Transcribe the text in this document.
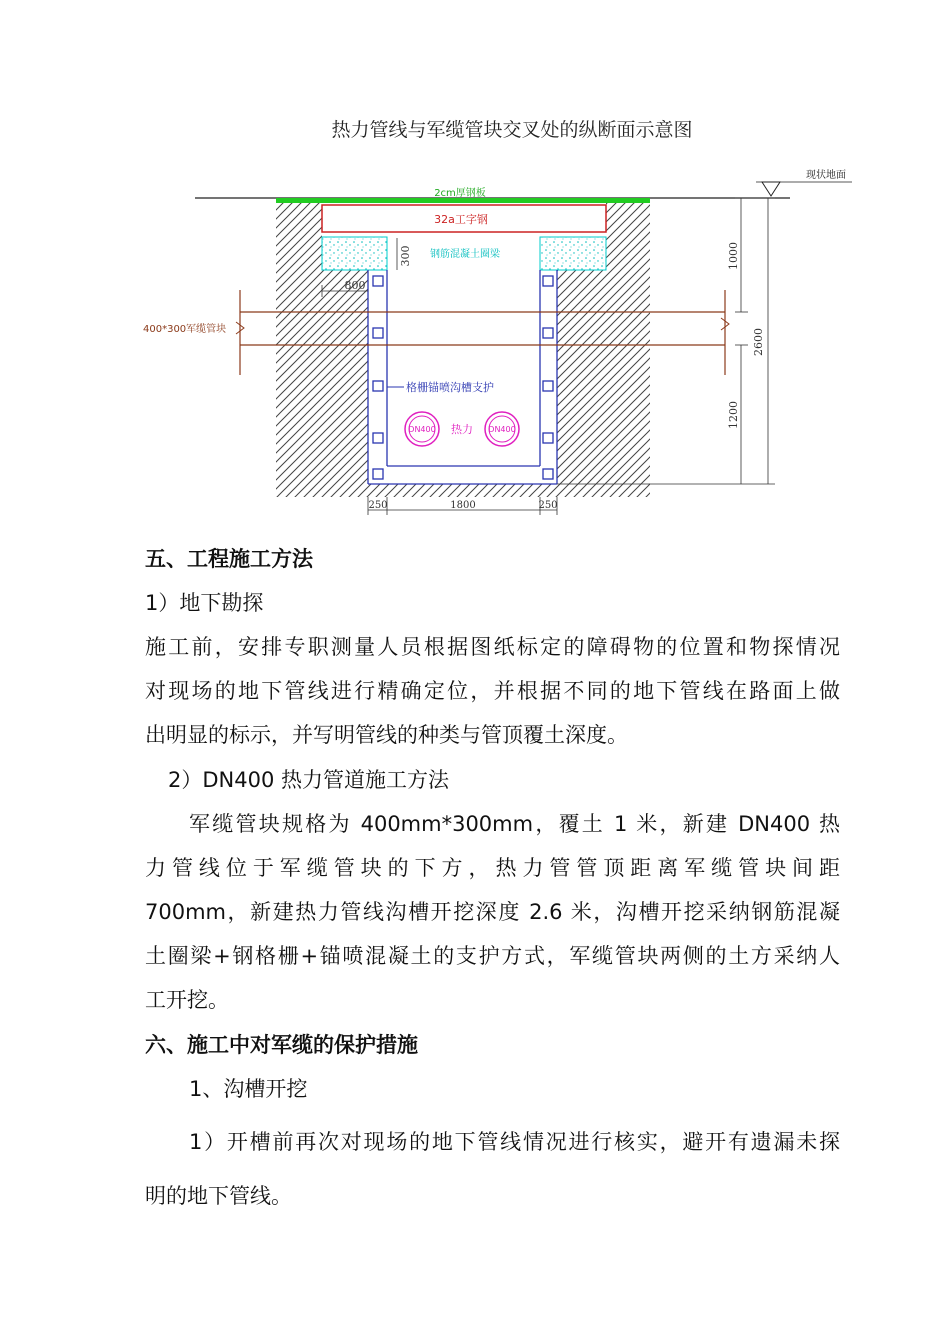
热力管线与军缆管块交叉处的纵断面示意图
现状地面
2cm厚钢板
32a工字钢
钢筋混凝土圈梁
格栅锚喷沟槽支护
400*300军缆管块
DN400	DN400
热力
300
800
1000
2600
1200
250	1800	250
五、工程施工方法
1）地下勘探
施工前，安排专职测量人员根据图纸标定的障碍物的位置和物探情况
对现场的地下管线进行精确定位，并根据不同的地下管线在路面上做
出明显的标示，并写明管线的种类与管顶覆土深度。
2）DN400 热力管道施工方法
军缆管块规格为 400mm*300mm，覆土 1 米，新建 DN400 热
力管线位于军缆管块的下方，热力管管顶距离军缆管块间距
700mm，新建热力管线沟槽开挖深度 2.6 米，沟槽开挖采纳钢筋混凝
土圈梁+钢格栅+锚喷混凝土的支护方式，军缆管块两侧的土方采纳人
工开挖。
六、施工中对军缆的保护措施
1、沟槽开挖
1）开槽前再次对现场的地下管线情况进行核实，避开有遗漏未探
明的地下管线。
